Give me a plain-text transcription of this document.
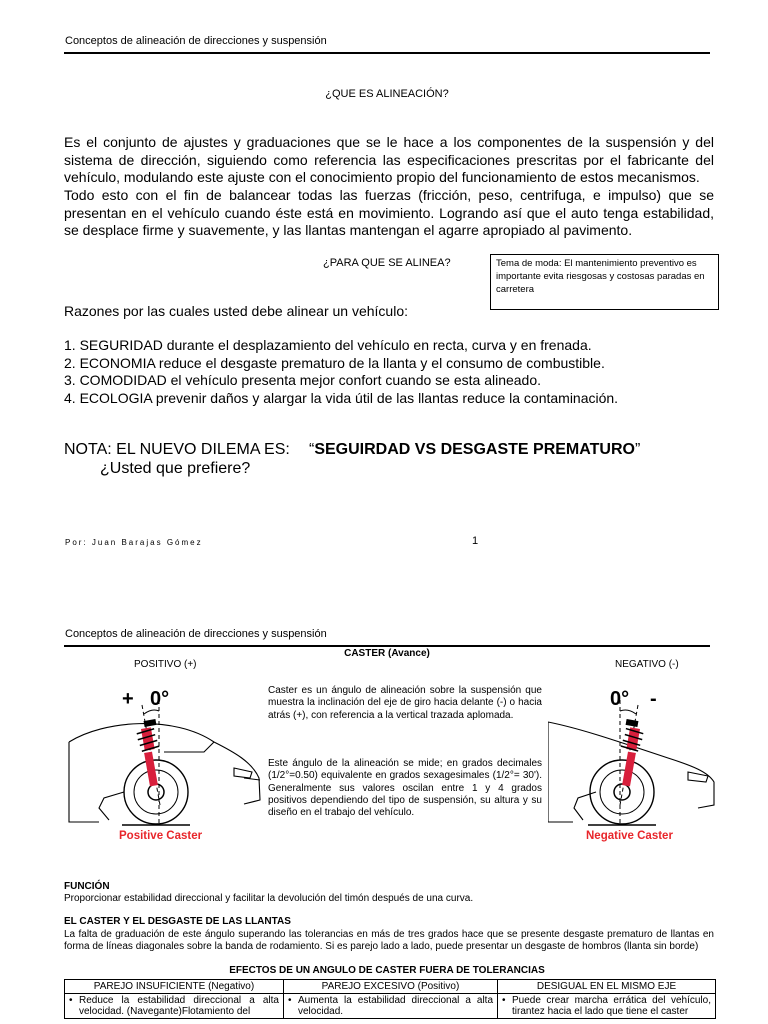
Conceptos de alineación de direcciones y suspensión
¿QUE ES ALINEACIÓN?
Es el conjunto de ajustes y graduaciones que se le hace a los componentes de la suspensión y del sistema de dirección, siguiendo como referencia las especificaciones prescritas por el fabricante del vehículo, modulando este ajuste con el conocimiento propio del funcionamiento de estos mecanismos.
Todo esto con el fin de balancear todas las fuerzas (fricción, peso, centrifuga, e impulso) que se presentan en el vehículo cuando éste está en movimiento. Logrando así que el auto tenga estabilidad, se desplace firme y suavemente, y las llantas mantengan el agarre apropiado al pavimento.
¿PARA QUE SE ALINEA?	Tema de moda: El mantenimiento preventivo es importante evita riesgosas y costosas paradas en carretera
Razones por las cuales usted debe alinear un vehículo:
1. SEGURIDAD durante el desplazamiento del vehículo en recta, curva y en frenada.
2. ECONOMIA reduce el desgaste prematuro de la llanta y el consumo de combustible.
3. COMODIDAD el vehículo presenta mejor confort cuando se esta alineado.
4. ECOLOGIA prevenir daños y alargar la vida útil de las llantas reduce la contaminación.
NOTA: EL NUEVO DILEMA ES: “SEGUIRDAD VS DESGASTE PREMATURO”
¿Usted que prefiere?
Por: Juan Barajas Gómez	1
Conceptos de alineación de direcciones y suspensión
CASTER (Avance)
POSITIVO (+)	NEGATIVO (-)
+ 0°
Positive Caster
0° -
Negative Caster
Caster es un ángulo de alineación sobre la suspensión que muestra la inclinación del eje de giro hacia delante (-) o hacia atrás (+), con referencia a la vertical trazada aplomada.
Este ángulo de la alineación se mide; en grados decimales (1/2°=0.50) equivalente en grados sexagesimales (1/2°= 30'). Generalmente sus valores oscilan entre 1 y 4 grados positivos dependiendo del tipo de suspensión, su altura y su diseño en el trabajo del vehículo.
FUNCIÓN
Proporcionar estabilidad direccional y facilitar la devolución del timón después de una curva.
EL CASTER Y EL DESGASTE DE LAS LLANTAS
La falta de graduación de este ángulo superando las tolerancias en más de tres grados hace que se presente desgaste prematuro de llantas en forma de líneas diagonales sobre la banda de rodamiento. Si es parejo lado a lado, puede presentar un desgaste de hombros (llanta sin borde)
EFECTOS DE UN ANGULO DE CASTER FUERA DE TOLERANCIAS
PAREJO INSUFICIENTE (Negativo)	PAREJO EXCESIVO (Positivo)	DESIGUAL EN EL MISMO EJE

• Reduce la estabilidad direccional a alta velocidad. (Navegante)Flotamiento del	• Aumenta la estabilidad direccional a alta velocidad.	• Puede crear marcha errática del vehículo, tirantez hacia el lado que tiene el caster
